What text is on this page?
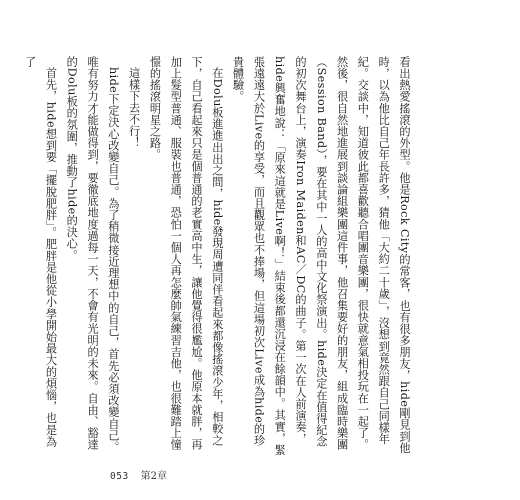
看出熱愛搖滾的外型。他是Rock City的常客，也有很多朋友，hide剛見到他時，以為他比自己年長許多，猜他「大約二十歲」，沒想到竟然跟自己同樣年紀。交談中，知道彼此都喜歡聽合唱團音樂團，很快就意氣相投玩在一起了。然後，很自然地進展到談論組樂團這件事，他召集要好的朋友，組成臨時樂團（Session Band），要在其中一人的高中文化祭演出。hide決定在值得紀念的初次舞台上，演奏Iron Maiden和AC／DC的曲子。第一次在人前演奏，hide興奮地說：「原來這就是Live啊！」結束後都還沉浸在餘韻中。其實，緊張遠遠大於Live的享受，而且觀眾也不捧場，但這場初次Live成為hide的珍貴體驗。

在Dolu板進進出出之間，hide發現周遭同伴看起來都像搖滾少年，相較之下，自己看起來只是個普通的老實高中生，讓他覺得很尷尬。他原本就胖，再加上髮型普通、服裝也普通，恐怕一個人再怎麼帥氣練習吉他，也很難踏上憧憬的搖滾明星之路。

這樣下去不行！

hide下定決心改變自己。為了稍微接近理想中的自己，首先必須改變自己。唯有努力才能做得到，要徹底地度過每一天，不會有光明的未來。自由、豁達的Dolu板的氛圍，推動了hide的決心。

首先，hide想到要「擺脫肥胖」。肥胖是他從小學開始最大的煩惱，也是為了

053 第2章
